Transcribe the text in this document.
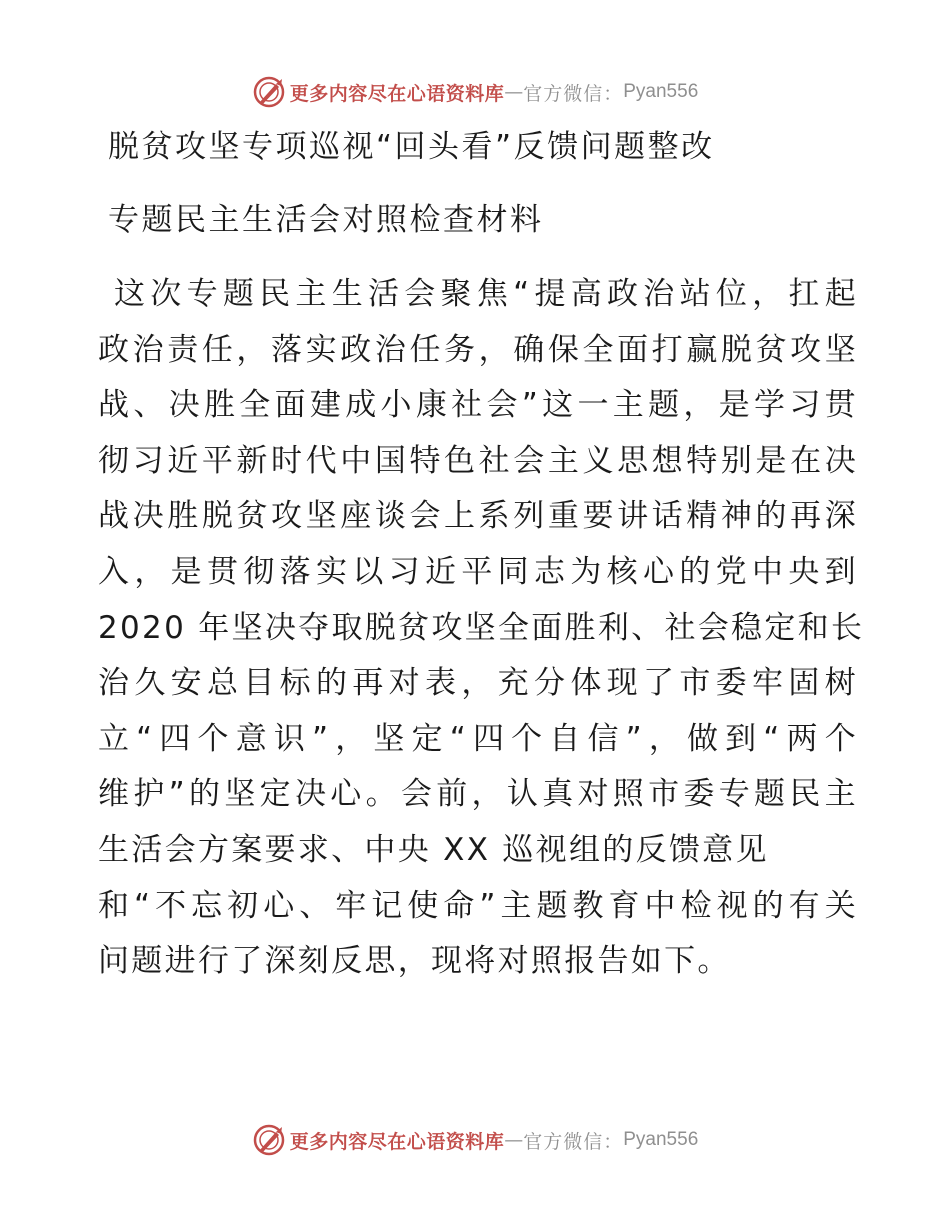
更多内容尽在心语资料库 — 官方微信： Pyan556
脱贫攻坚专项巡视“回头看”反馈问题整改
专题民主生活会对照检查材料
这次专题民主生活会聚焦“提高政治站位，扛起
政治责任，落实政治任务，确保全面打赢脱贫攻坚
战、决胜全面建成小康社会”这一主题，是学习贯
彻习近平新时代中国特色社会主义思想特别是在决
战决胜脱贫攻坚座谈会上系列重要讲话精神的再深
入，是贯彻落实以习近平同志为核心的党中央到
2020 年坚决夺取脱贫攻坚全面胜利、社会稳定和长
治久安总目标的再对表，充分体现了市委牢固树
立“四个意识”，坚定“四个自信”，做到“两个
维护”的坚定决心。会前，认真对照市委专题民主
生活会方案要求、中央 XX 巡视组的反馈意见
和“不忘初心、牢记使命”主题教育中检视的有关
问题进行了深刻反思，现将对照报告如下。
更多内容尽在心语资料库 — 官方微信： Pyan556
